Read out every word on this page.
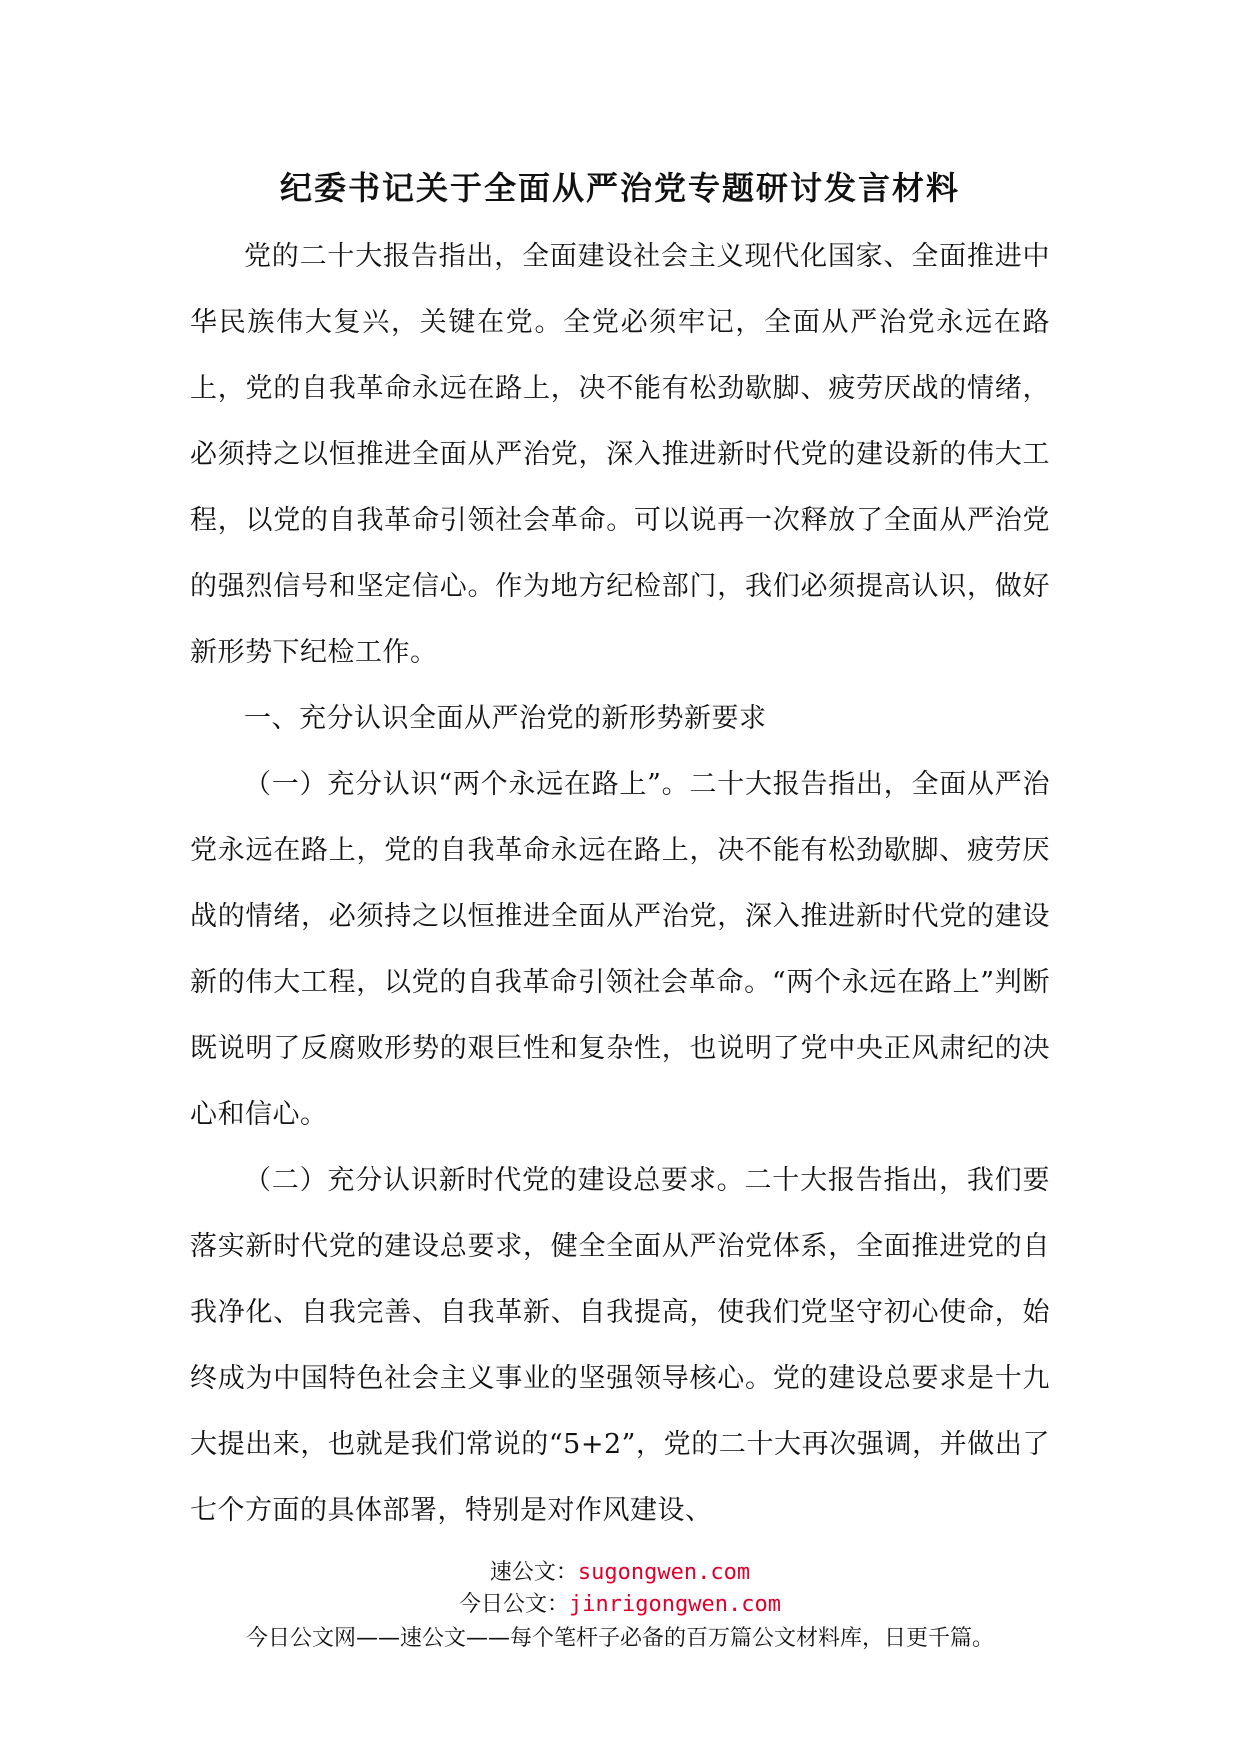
纪委书记关于全面从严治党专题研讨发言材料

党的二十大报告指出，全面建设社会主义现代化国家、全面推进中华民族伟大复兴，关键在党。全党必须牢记，全面从严治党永远在路上，党的自我革命永远在路上，决不能有松劲歇脚、疲劳厌战的情绪，必须持之以恒推进全面从严治党，深入推进新时代党的建设新的伟大工程，以党的自我革命引领社会革命。可以说再一次释放了全面从严治党的强烈信号和坚定信心。作为地方纪检部门，我们必须提高认识，做好新形势下纪检工作。

一、充分认识全面从严治党的新形势新要求

（一）充分认识“两个永远在路上”。二十大报告指出，全面从严治党永远在路上，党的自我革命永远在路上，决不能有松劲歇脚、疲劳厌战的情绪，必须持之以恒推进全面从严治党，深入推进新时代党的建设新的伟大工程，以党的自我革命引领社会革命。“两个永远在路上”判断既说明了反腐败形势的艰巨性和复杂性，也说明了党中央正风肃纪的决心和信心。

（二）充分认识新时代党的建设总要求。二十大报告指出，我们要落实新时代党的建设总要求，健全全面从严治党体系，全面推进党的自我净化、自我完善、自我革新、自我提高，使我们党坚守初心使命，始终成为中国特色社会主义事业的坚强领导核心。党的建设总要求是十九大提出来，也就是我们常说的“5+2”，党的二十大再次强调，并做出了七个方面的具体部署，特别是对作风建设、

速公文：sugongwen.com
今日公文：jinrigongwen.com
今日公文网——速公文——每个笔杆子必备的百万篇公文材料库，日更千篇。
